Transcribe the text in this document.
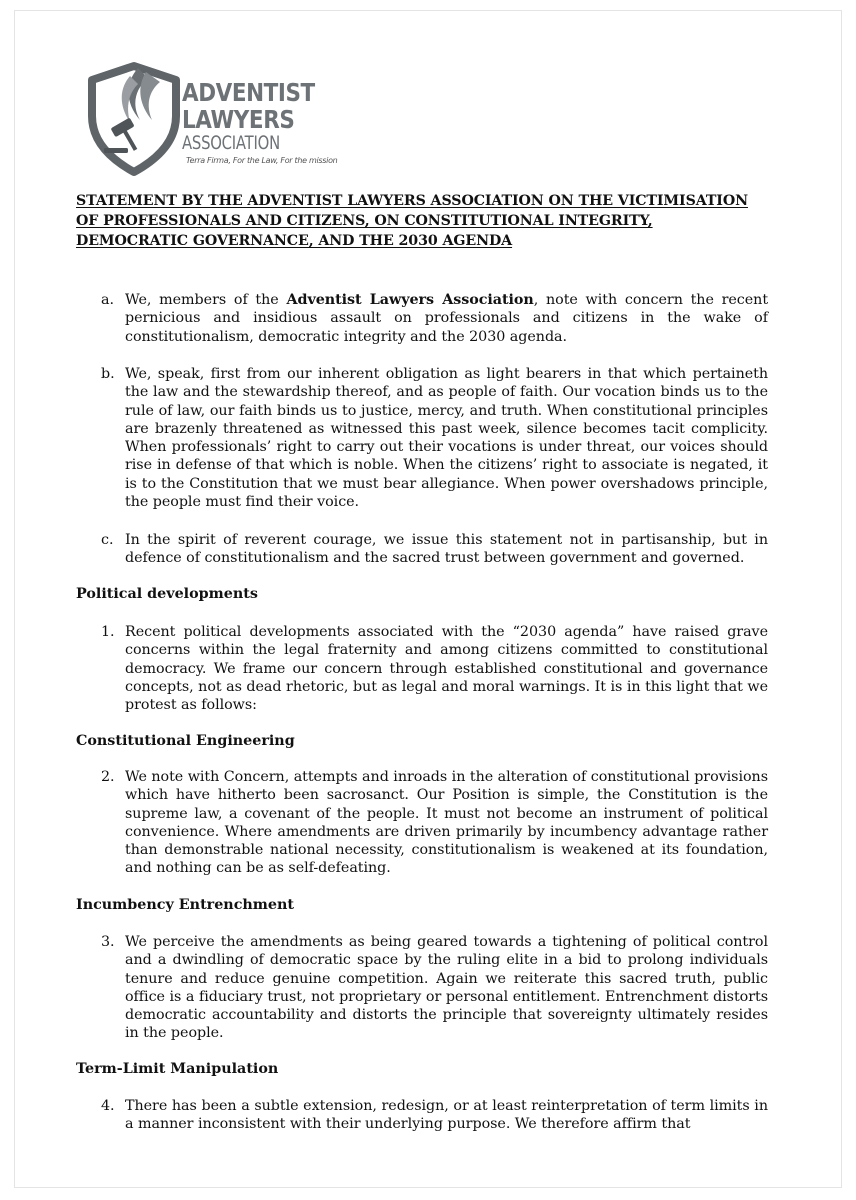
ADVENTIST
LAWYERS
ASSOCIATION
Terra Firma, For the Law, For the mission
STATEMENT BY THE ADVENTIST LAWYERS ASSOCIATION ON THE VICTIMISATION
OF PROFESSIONALS AND CITIZENS, ON CONSTITUTIONAL INTEGRITY,
DEMOCRATIC GOVERNANCE, AND THE 2030 AGENDA
a. We, members of the Adventist Lawyers Association, note with concern the recent pernicious and insidious assault on professionals and citizens in the wake of constitutionalism, democratic integrity and the 2030 agenda.

b. We, speak, first from our inherent obligation as light bearers in that which pertaineth the law and the stewardship thereof, and as people of faith. Our vocation binds us to the rule of law, our faith binds us to justice, mercy, and truth. When constitutional principles are brazenly threatened as witnessed this past week, silence becomes tacit complicity. When professionals’ right to carry out their vocations is under threat, our voices should rise in defense of that which is noble. When the citizens’ right to associate is negated, it is to the Constitution that we must bear allegiance. When power overshadows principle, the people must find their voice.

c. In the spirit of reverent courage, we issue this statement not in partisanship, but in defence of constitutionalism and the sacred trust between government and governed.

Political developments
1. Recent political developments associated with the “2030 agenda” have raised grave concerns within the legal fraternity and among citizens committed to constitutional democracy. We frame our concern through established constitutional and governance concepts, not as dead rhetoric, but as legal and moral warnings. It is in this light that we protest as follows:

Constitutional Engineering
2. We note with Concern, attempts and inroads in the alteration of constitutional provisions which have hitherto been sacrosanct. Our Position is simple, the Constitution is the supreme law, a covenant of the people. It must not become an instrument of political convenience. Where amendments are driven primarily by incumbency advantage rather than demonstrable national necessity, constitutionalism is weakened at its foundation, and nothing can be as self-defeating.

Incumbency Entrenchment
3. We perceive the amendments as being geared towards a tightening of political control and a dwindling of democratic space by the ruling elite in a bid to prolong individuals tenure and reduce genuine competition. Again we reiterate this sacred truth, public office is a fiduciary trust, not proprietary or personal entitlement. Entrenchment distorts democratic accountability and distorts the principle that sovereignty ultimately resides in the people.

Term-Limit Manipulation
4. There has been a subtle extension, redesign, or at least reinterpretation of term limits in a manner inconsistent with their underlying purpose. We therefore affirm that
